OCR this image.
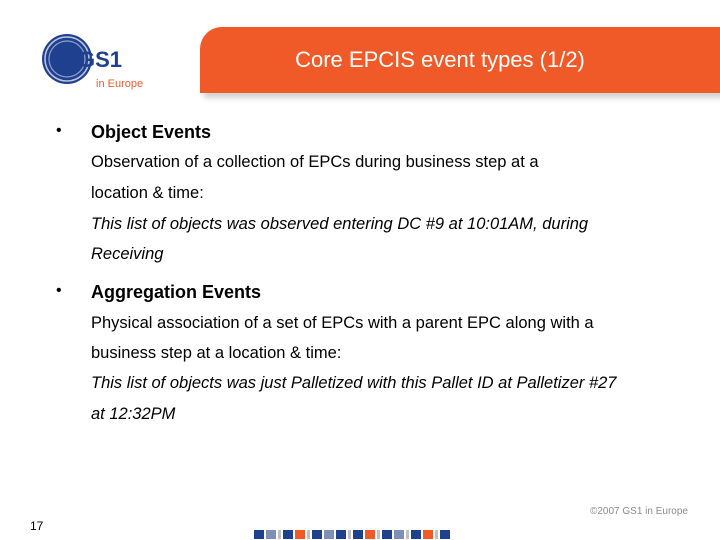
GS1
in Europe
Core EPCIS event types (1/2)
• Object Events
Observation of a collection of EPCs during business step at a
location & time:
This list of objects was observed entering DC #9 at 10:01AM, during
Receiving
• Aggregation Events
Physical association of a set of EPCs with a parent EPC along with a
business step at a location & time:
This list of objects was just Palletized with this Pallet ID at Palletizer #27
at 12:32PM
17
©2007 GS1 in Europe
